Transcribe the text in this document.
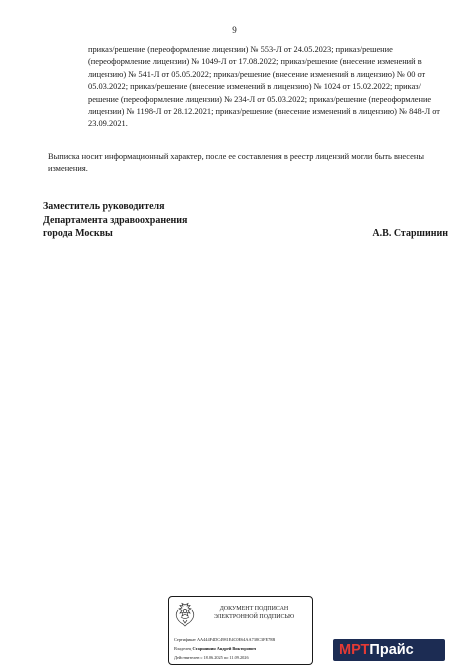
9
приказ/решение (переоформление лицензии) № 553-Л от 24.05.2023; приказ/решение (переоформление лицензии) № 1049-Л от 17.08.2022; приказ/решение (внесение изменений в лицензию) № 541-Л от 05.05.2022; приказ/решение (внесение изменений в лицензию) № 00 от 05.03.2022; приказ/решение (внесение изменений в лицензию) № 1024 от 15.02.2022; приказ/решение (переоформление лицензии) № 234-Л от 05.03.2022; приказ/решение (переоформление лицензии) № 1198-Л от 28.12.2021; приказ/решение (внесение изменений в лицензию) № 848-Л от 23.09.2021.
Выписка носит информационный характер, после ее составления в реестр лицензий могли быть внесены изменения.
Заместитель руководителя
Департамента здравоохранения
города Москвы	А.В. Старшинин
ДОКУМЕНТ ПОДПИСАН
ЭЛЕКТРОННОЙ ПОДПИСЬЮ
Сертификат AA444F4DC4981E4C0E64AA738C3FE78B
Владелец Старшинин Андрей Викторович
Действителен с 18.06.2025 по 11.09.2026	МРТПрайс
